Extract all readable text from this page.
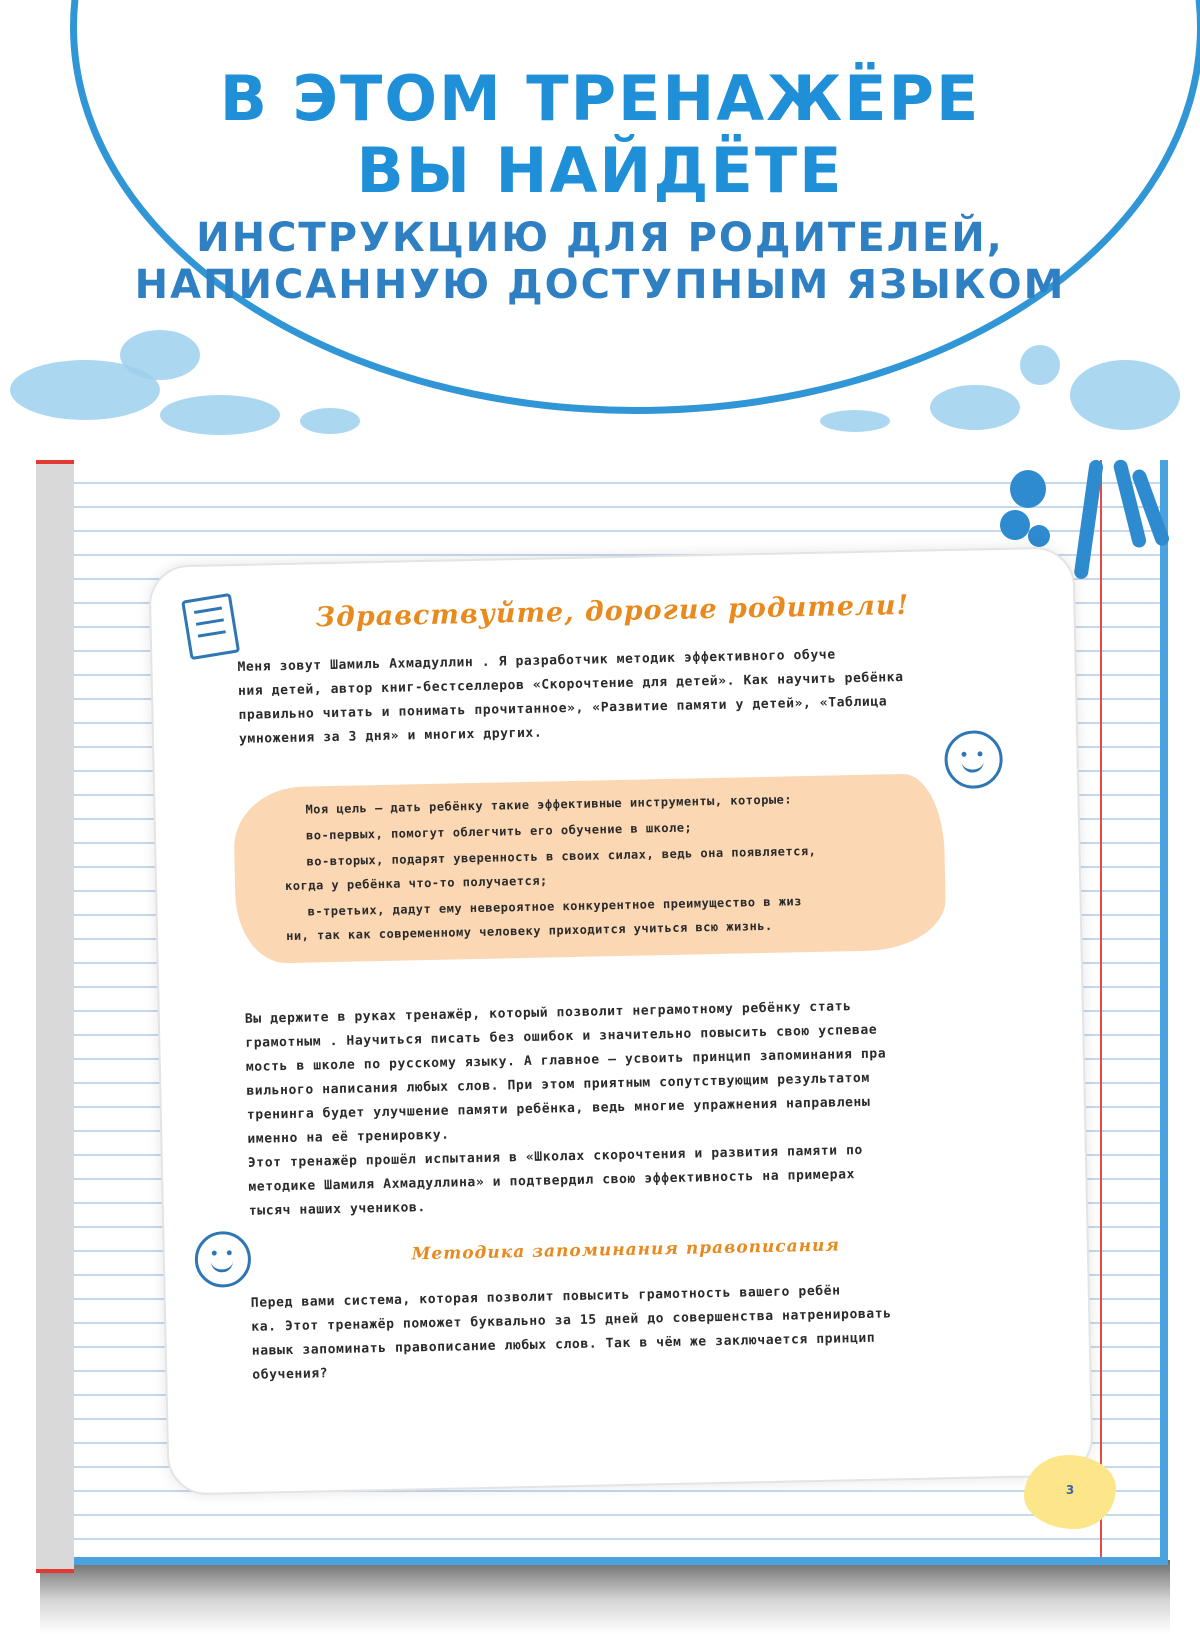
В ЭТОМ ТРЕНАЖЁРЕ
ВЫ НАЙДЁТЕ
ИНСТРУКЦИЮ ДЛЯ РОДИТЕЛЕЙ,
НАПИСАННУЮ ДОСТУПНЫМ ЯЗЫКОМ
Здравствуйте, дорогие родители!
Меня зовут Шамиль Ахмадуллин . Я разработчик методик эффективного обуче
ния детей, автор книг-бестселлеров «Скорочтение для детей». Как научить ребёнка
правильно читать и понимать прочитанное», «Развитие памяти у детей», «Таблица
умножения за 3 дня» и многих других.
Моя цель — дать ребёнку такие эффективные инструменты, которые:
во-первых, помогут облегчить его обучение в школе;
во-вторых, подарят уверенность в своих силах, ведь она появляется,
когда у ребёнка что-то получается;
в-третьих, дадут ему невероятное конкурентное преимущество в жиз
ни, так как современному человеку приходится учиться всю жизнь.
Вы держите в руках тренажёр, который позволит неграмотному ребёнку стать
грамотным . Научиться писать без ошибок и значительно повысить свою успевае
мость в школе по русскому языку. А главное — усвоить принцип запоминания пра
вильного написания любых слов. При этом приятным сопутствующим результатом
тренинга будет улучшение памяти ребёнка, ведь многие упражнения направлены
именно на её тренировку.
Этот тренажёр прошёл испытания в «Школах скорочтения и развития памяти по
методике Шамиля Ахмадуллина» и подтвердил свою эффективность на примерах
тысяч наших учеников.
Методика запоминания правописания
Перед вами система, которая позволит повысить грамотность вашего ребён
ка. Этот тренажёр поможет буквально за 15 дней до совершенства натренировать
навык запоминать правописание любых слов. Так в чём же заключается принцип
обучения?
3
